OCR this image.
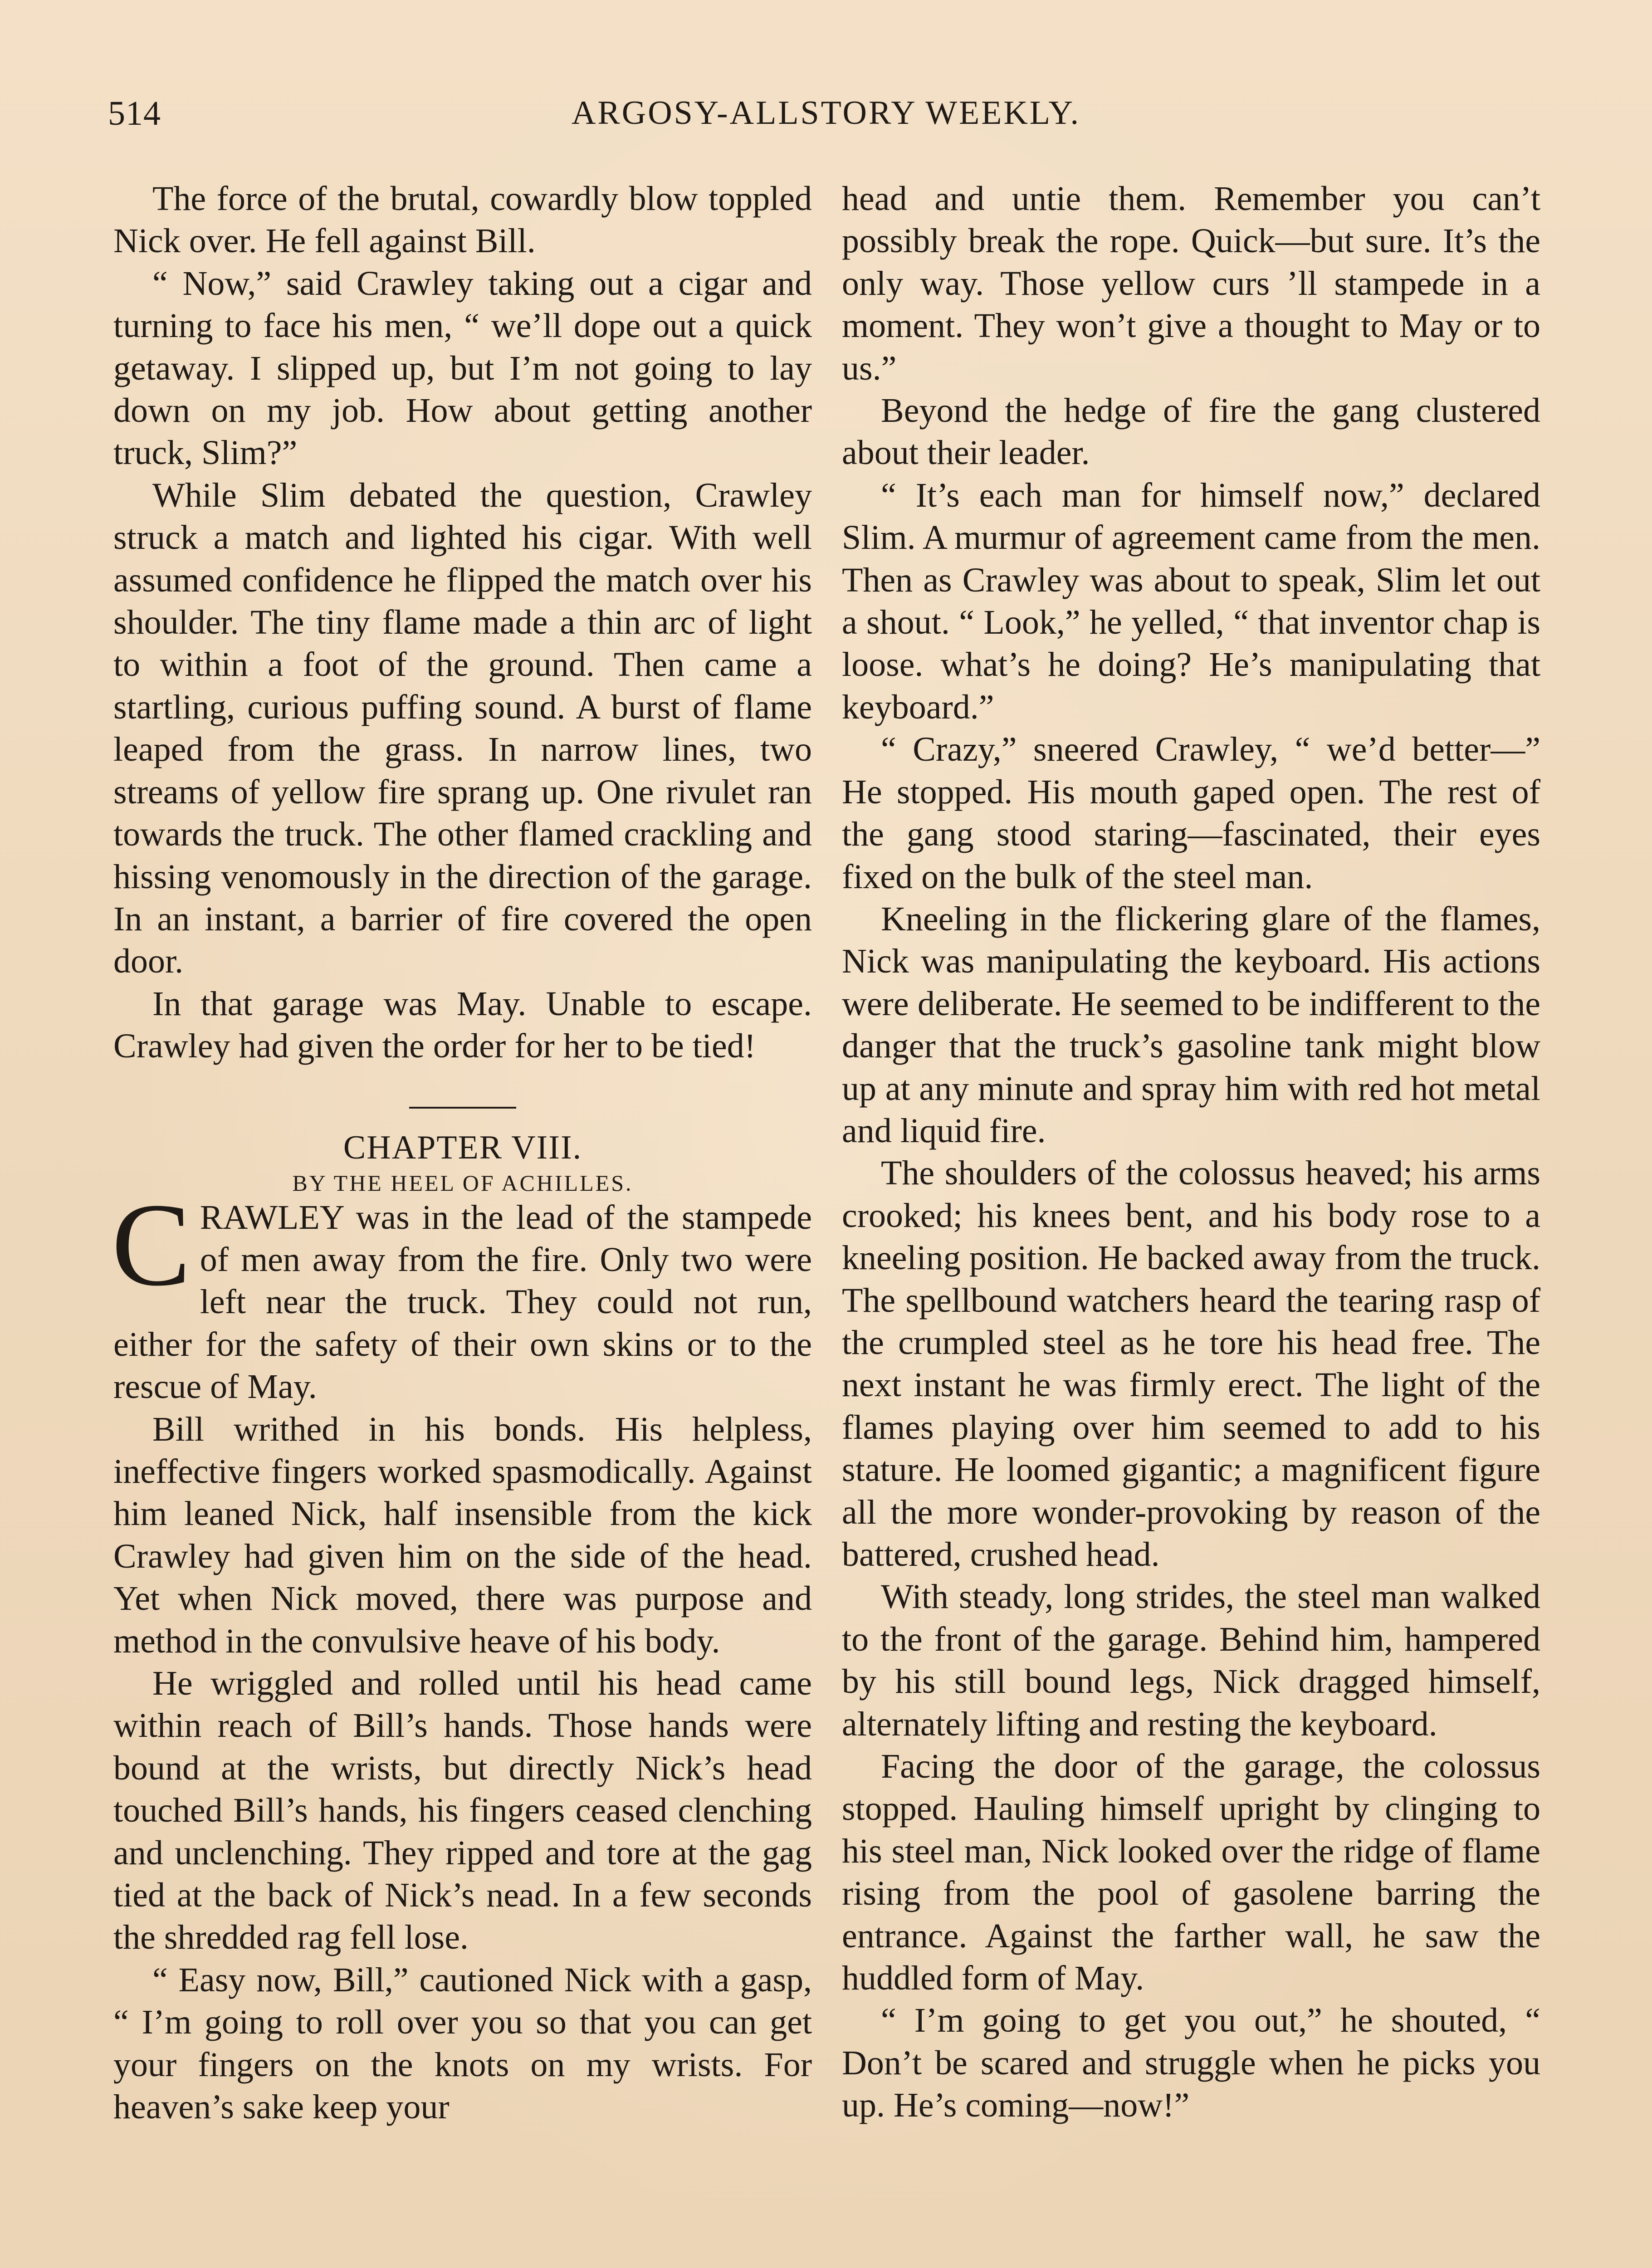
514	ARGOSY-ALLSTORY WEEKLY.

The force of the brutal, cowardly blow toppled Nick over. He fell against Bill.

“ Now,” said Crawley taking out a cigar and turning to face his men, “ we’ll dope out a quick getaway. I slipped up, but I’m not going to lay down on my job. How about getting another truck, Slim?”

While Slim debated the question, Crawley struck a match and lighted his cigar. With well assumed confidence he flipped the match over his shoulder. The tiny flame made a thin arc of light to within a foot of the ground. Then came a startling, curious puffing sound. A burst of flame leaped from the grass. In narrow lines, two streams of yellow fire sprang up. One rivulet ran towards the truck. The other flamed crackling and hissing venomously in the direction of the garage. In an instant, a barrier of fire covered the open door.

In that garage was May. Unable to escape. Crawley had given the order for her to be tied!

CHAPTER VIII.

BY THE HEEL OF ACHILLES.

CRAWLEY was in the lead of the stampede of men away from the fire. Only two were left near the truck. They could not run, either for the safety of their own skins or to the rescue of May.

Bill writhed in his bonds. His helpless, ineffective fingers worked spasmodically. Against him leaned Nick, half insensible from the kick Crawley had given him on the side of the head. Yet when Nick moved, there was purpose and method in the convulsive heave of his body.

He wriggled and rolled until his head came within reach of Bill’s hands. Those hands were bound at the wrists, but directly Nick’s head touched Bill’s hands, his fingers ceased clenching and unclenching. They ripped and tore at the gag tied at the back of Nick’s nead. In a few seconds the shredded rag fell lose.

“ Easy now, Bill,” cautioned Nick with a gasp, “ I’m going to roll over you so that you can get your fingers on the knots on my wrists. For heaven’s sake keep your

head and untie them. Remember you can’t possibly break the rope. Quick—but sure. It’s the only way. Those yellow curs ’ll stampede in a moment. They won’t give a thought to May or to us.”

Beyond the hedge of fire the gang clustered about their leader.

“ It’s each man for himself now,” declared Slim. A murmur of agreement came from the men. Then as Crawley was about to speak, Slim let out a shout. “ Look,” he yelled, “ that inventor chap is loose. what’s he doing? He’s manipulating that keyboard.”

“ Crazy,” sneered Crawley, “ we’d better—” He stopped. His mouth gaped open. The rest of the gang stood staring—fascinated, their eyes fixed on the bulk of the steel man.

Kneeling in the flickering glare of the flames, Nick was manipulating the keyboard. His actions were deliberate. He seemed to be indifferent to the danger that the truck’s gasoline tank might blow up at any minute and spray him with red hot metal and liquid fire.

The shoulders of the colossus heaved; his arms crooked; his knees bent, and his body rose to a kneeling position. He backed away from the truck. The spellbound watchers heard the tearing rasp of the crumpled steel as he tore his head free. The next instant he was firmly erect. The light of the flames playing over him seemed to add to his stature. He loomed gigantic; a magnificent figure all the more wonder-provoking by reason of the battered, crushed head.

With steady, long strides, the steel man walked to the front of the garage. Behind him, hampered by his still bound legs, Nick dragged himself, alternately lifting and resting the keyboard.

Facing the door of the garage, the colossus stopped. Hauling himself upright by clinging to his steel man, Nick looked over the ridge of flame rising from the pool of gasolene barring the entrance. Against the farther wall, he saw the huddled form of May.

“ I’m going to get you out,” he shouted, “ Don’t be scared and struggle when he picks you up. He’s coming—now!”
